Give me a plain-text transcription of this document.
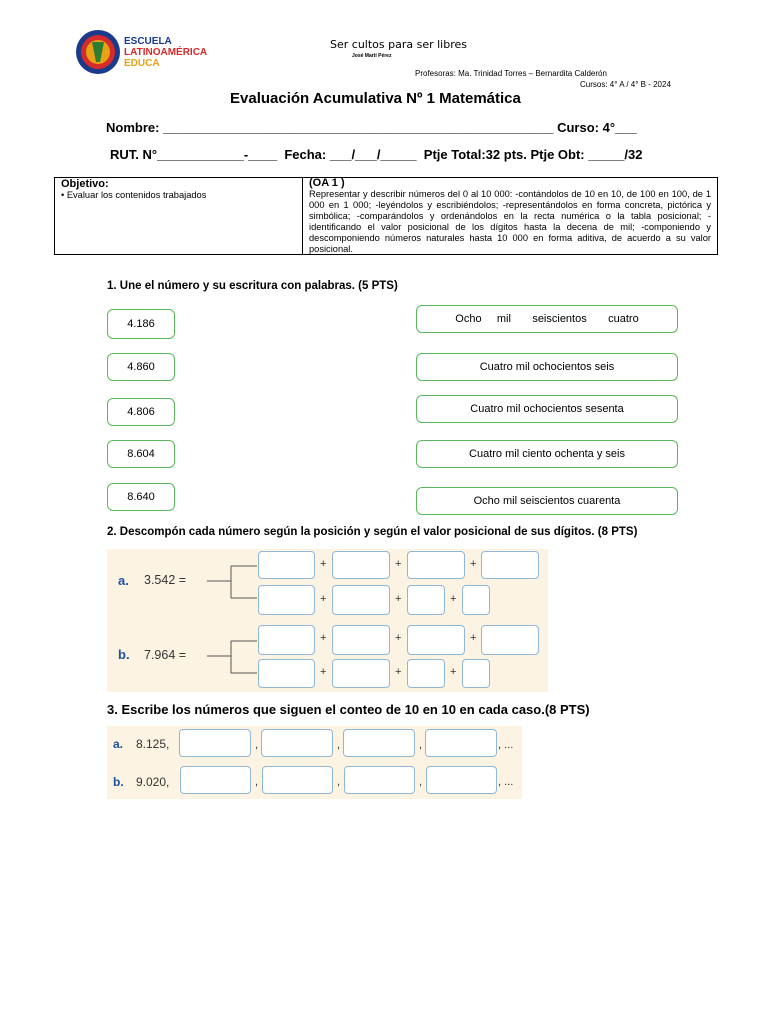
ESCUELA
LATINOAMÉRICA
EDUCA
Ser cultos para ser libres
José Martí Pérez
Profesoras: Ma. Trinidad Torres – Bernardita Calderón
Cursos: 4° A / 4° B - 2024
Evaluación Acumulativa Nº 1 Matemática
Nombre: ______________________________________________________ Curso: 4°___
RUT. N°____________-____  Fecha: ___/___/_____  Ptje Total:32 pts. Ptje Obt: _____/32
Objetivo:
• Evaluar los contenidos trabajados
(OA 1 )
Representar y describir números del 0 al 10 000: -contándolos de 10 en 10, de 100 en 100, de 1 000 en 1 000; -leyéndolos y escribiéndolos; -representándolos en forma concreta, pictórica y simbólica; -comparándolos y ordenándolos en la recta numérica o la tabla posicional; -identificando el valor posicional de los dígitos hasta la decena de mil; -componiendo y descomponiendo números naturales hasta 10 000 en forma aditiva, de acuerdo a su valor posicional.
1. Une el número y su escritura con palabras. (5 PTS)
4.186
4.860
4.806
8.604
8.640
Ocho     mil       seiscientos       cuatro
Cuatro mil ochocientos seis
Cuatro mil ochocientos sesenta
Cuatro mil ciento ochenta y seis
Ocho mil seiscientos cuarenta
2. Descompón cada número según la posición y según el valor posicional de sus dígitos. (8 PTS)
a. 3.542 =
+	+	+
+	+	+
b. 7.964 =
+	+	+
+	+	+
3. Escribe los números que siguen el conteo de 10 en 10 en cada caso.(8 PTS)
a. 8.125,	,	,	,	, ...
b. 9.020,	,	,	,	, ...
